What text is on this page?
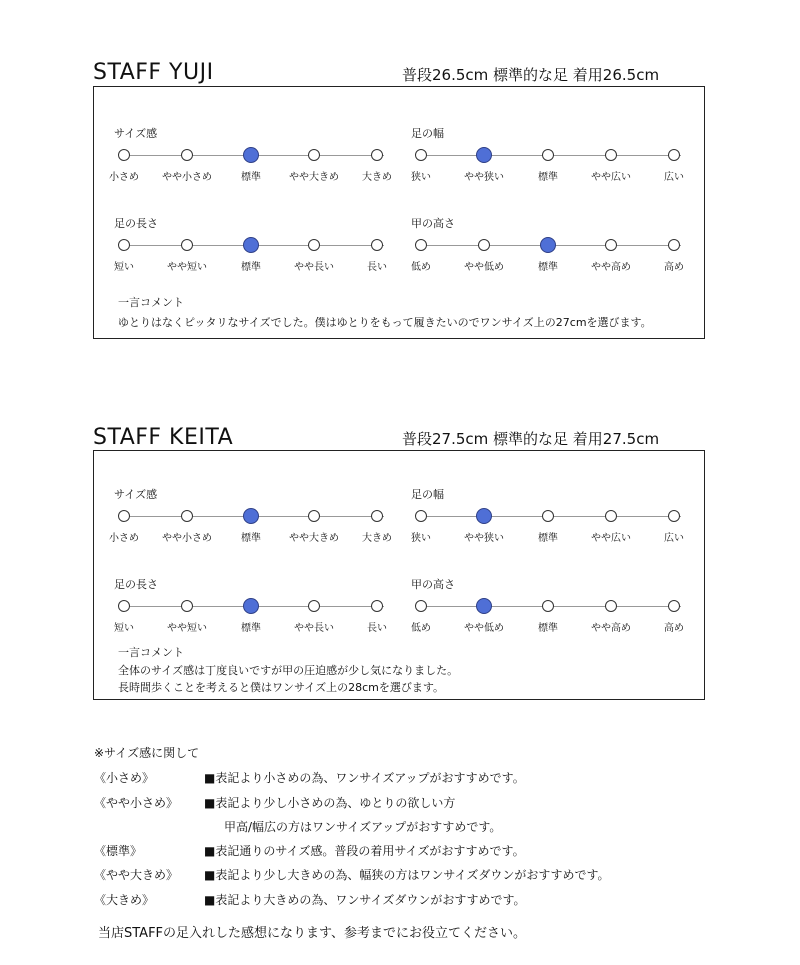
STAFF YUJI	普段26.5cm 標準的な足 着用26.5cm
サイズ感
小さめ やや小さめ	標準	やや大きめ 大きめ
足の幅
狭い	やや狭い	標準	やや広い	広い
足の長さ
短い	やや短い	標準	やや長い	長い
甲の高さ
低め	やや低め	標準	やや高め	高め
一言コメント
ゆとりはなくピッタリなサイズでした。僕はゆとりをもって履きたいのでワンサイズ上の27cmを選びます。
STAFF KEITA	普段27.5cm 標準的な足 着用27.5cm
サイズ感
小さめ やや小さめ	標準	やや大きめ 大きめ
足の幅
狭い	やや狭い	標準	やや広い	広い
足の長さ
短い	やや短い	標準	やや長い	長い
甲の高さ
低め	やや低め	標準	やや高め	高め
一言コメント
全体のサイズ感は丁度良いですが甲の圧迫感が少し気になりました。
長時間歩くことを考えると僕はワンサイズ上の28cmを選びます。
※サイズ感に関して
《小さめ》	■表記より小さめの為、ワンサイズアップがおすすめです。
《やや小さめ》 ■表記より少し小さめの為、ゆとりの欲しい方
甲高/幅広の方はワンサイズアップがおすすめです。
《標準》	■表記通りのサイズ感。普段の着用サイズがおすすめです。
《やや大きめ》 ■表記より少し大きめの為、幅狭の方はワンサイズダウンがおすすめです。
《大きめ》	■表記より大きめの為、ワンサイズダウンがおすすめです。
当店STAFFの足入れした感想になります、参考までにお役立てください。
